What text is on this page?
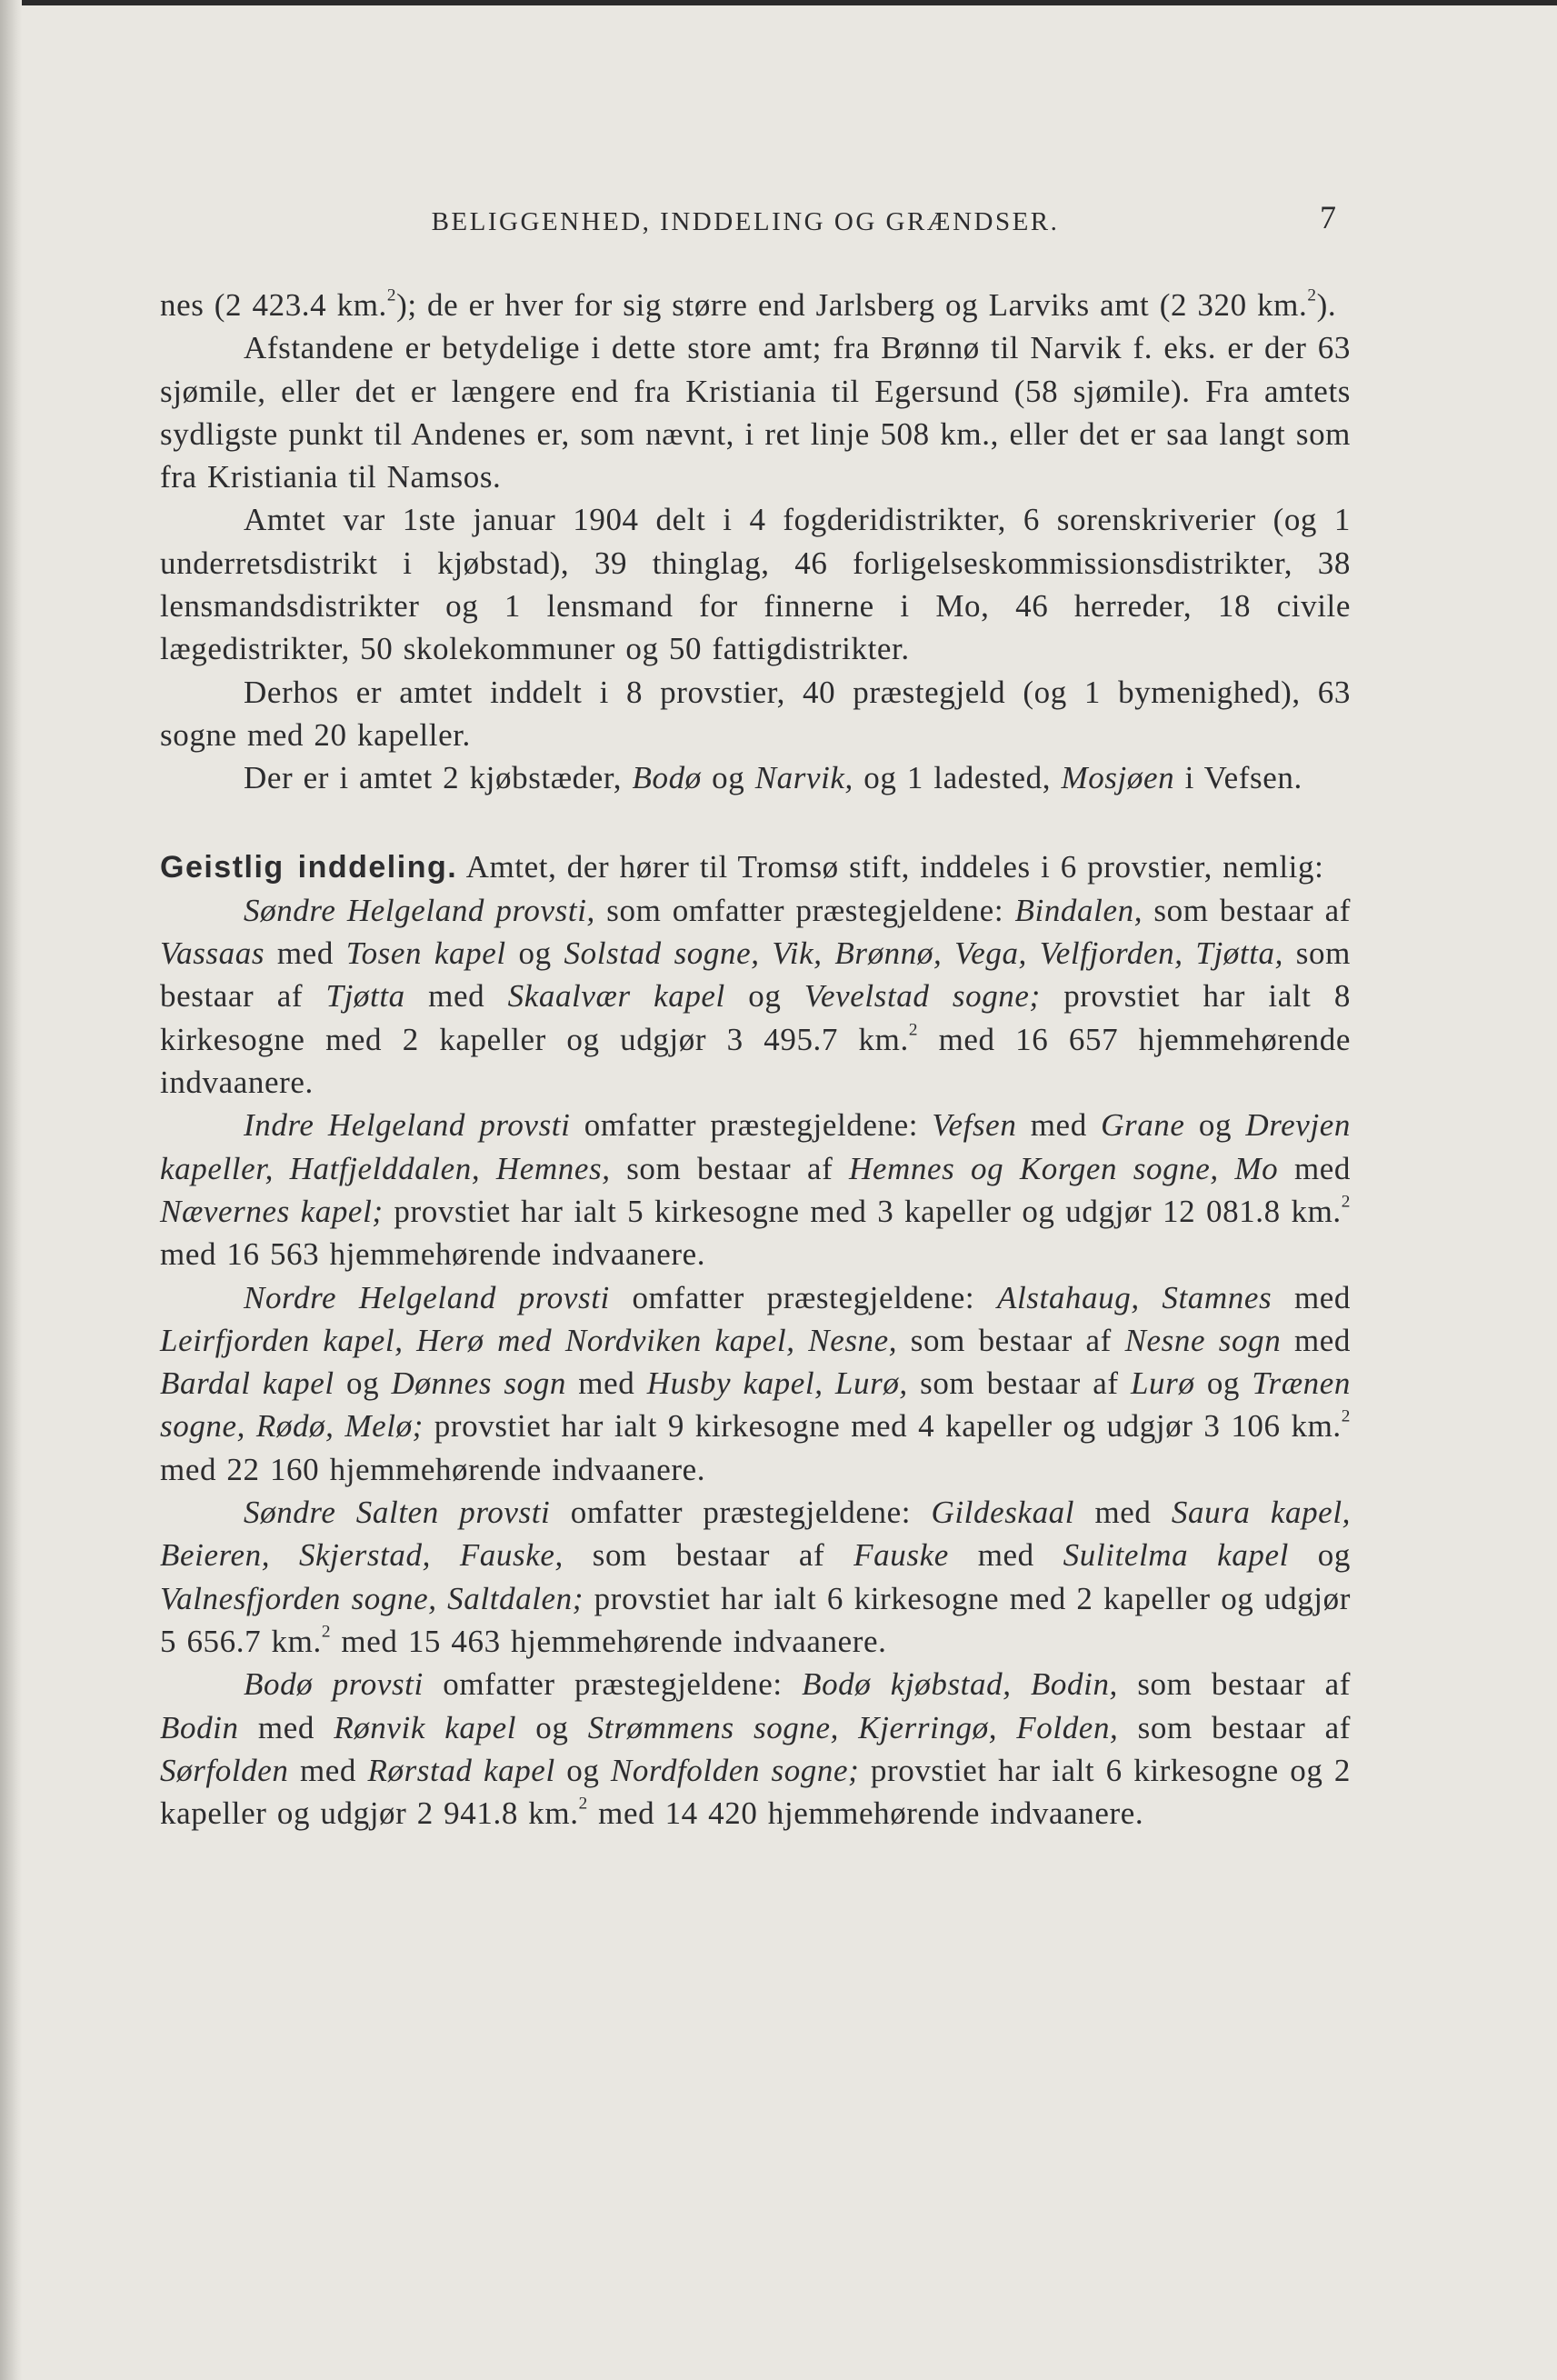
BELIGGENHED, INDDELING OG GRÆNDSER.	7

nes (2 423.4 km.$^2$); de er hver for sig større end Jarlsberg og Larviks amt (2 320 km.$^2$).

Afstandene er betydelige i dette store amt; fra Brønnø til Narvik f. eks. er der 63 sjømile, eller det er længere end fra Kristiania til Egersund (58 sjømile). Fra amtets sydligste punkt til Andenes er, som nævnt, i ret linje 508 km., eller det er saa langt som fra Kristiania til Namsos.

Amtet var 1ste januar 1904 delt i 4 fogderidistrikter, 6 sorenskriverier (og 1 underretsdistrikt i kjøbstad), 39 thinglag, 46 forligelseskommissionsdistrikter, 38 lensmandsdistrikter og 1 lensmand for finnerne i Mo, 46 herreder, 18 civile lægedistrikter, 50 skolekommuner og 50 fattigdistrikter.

Derhos er amtet inddelt i 8 provstier, 40 præstegjeld (og 1 bymenighed), 63 sogne med 20 kapeller.

Der er i amtet 2 kjøbstæder, Bodø og Narvik, og 1 ladested, Mosjøen i Vefsen.

Geistlig inddeling. Amtet, der hører til Tromsø stift, inddeles i 6 provstier, nemlig:

Søndre Helgeland provsti, som omfatter præstegjeldene: Bindalen, som bestaar af Vassaas med Tosen kapel og Solstad sogne, Vik, Brønnø, Vega, Velfjorden, Tjøtta, som bestaar af Tjøtta med Skaalvær kapel og Vevelstad sogne; provstiet har ialt 8 kirkesogne med 2 kapeller og udgjør 3 495.7 km.$^2$ med 16 657 hjemmehørende indvaanere.

Indre Helgeland provsti omfatter præstegjeldene: Vefsen med Grane og Drevjen kapeller, Hatfjelddalen, Hemnes, som bestaar af Hemnes og Korgen sogne, Mo med Nævernes kapel; provstiet har ialt 5 kirkesogne med 3 kapeller og udgjør 12 081.8 km.$^2$ med 16 563 hjemmehørende indvaanere.

Nordre Helgeland provsti omfatter præstegjeldene: Alstahaug, Stamnes med Leirfjorden kapel, Herø med Nordviken kapel, Nesne, som bestaar af Nesne sogn med Bardal kapel og Dønnes sogn med Husby kapel, Lurø, som bestaar af Lurø og Trænen sogne, Rødø, Melø; provstiet har ialt 9 kirkesogne med 4 kapeller og udgjør 3 106 km.$^2$ med 22 160 hjemmehørende indvaanere.

Søndre Salten provsti omfatter præstegjeldene: Gildeskaal med Saura kapel, Beieren, Skjerstad, Fauske, som bestaar af Fauske med Sulitelma kapel og Valnesfjorden sogne, Saltdalen; provstiet har ialt 6 kirkesogne med 2 kapeller og udgjør 5 656.7 km.$^2$ med 15 463 hjemmehørende indvaanere.

Bodø provsti omfatter præstegjeldene: Bodø kjøbstad, Bodin, som bestaar af Bodin med Rønvik kapel og Strømmens sogne, Kjerringø, Folden, som bestaar af Sørfolden med Rørstad kapel og Nordfolden sogne; provstiet har ialt 6 kirkesogne og 2 kapeller og udgjør 2 941.8 km.$^2$ med 14 420 hjemmehørende indvaanere.
